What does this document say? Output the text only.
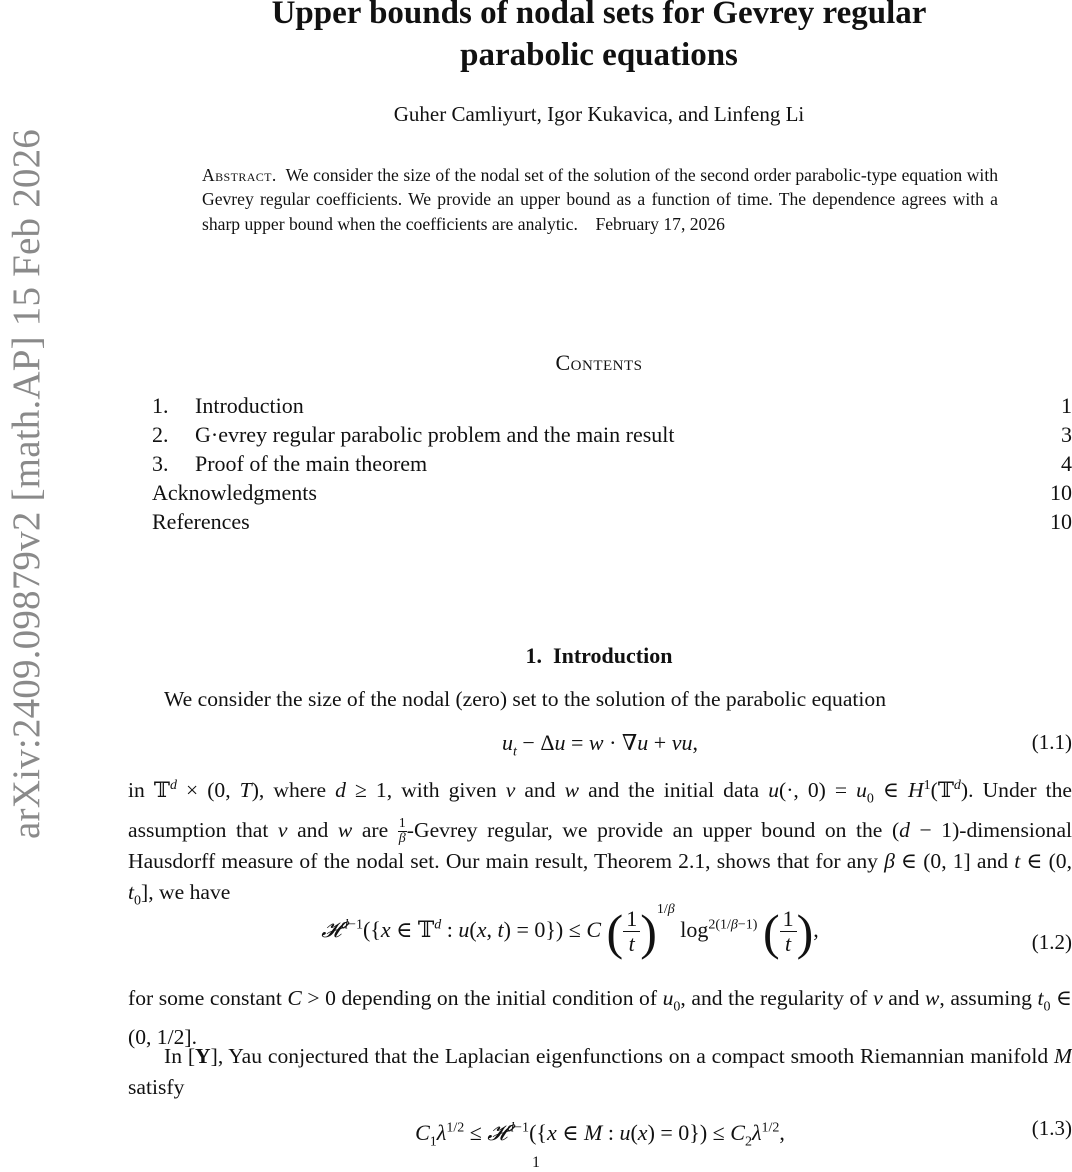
arXiv:2409.09879v2 [math.AP] 15 Feb 2026
Upper bounds of nodal sets for Gevrey regular
parabolic equations
Guher Camliyurt, Igor Kukavica, and Linfeng Li
Abstract. We consider the size of the nodal set of the solution of the second order parabolic-type equation with Gevrey regular coefficients. We provide an upper bound as a function of time. The dependence agrees with a sharp upper bound when the coefficients are analytic. February 17, 2026
Contents
1.	Introduction	1
2.	G·evrey regular parabolic problem and the main result	3
3.	Proof of the main theorem	4
Acknowledgments	10
References	10
1. Introduction
We consider the size of the nodal (zero) set to the solution of the parabolic equation
$u_t - \Delta u = w \cdot \nabla u$ + vu,	(1.1)
in 𝕋$^d$ × (0, T), where d ≥ 1, with given v and w and the initial data u(·, $0) = u_0$ ∈ $H^1(𝕋^d)$. Under the assumption that v and w are $\frac{1}{\beta}$ -Gevrey regular, we provide an upper bound on the (d − 1)-dimensional Hausdorff measure of the nodal set. Our main result, Theorem 2.1, shows that for any β ∈ (0, 1] and t ∈ (0, $t_0$], we have
𝓗$^{d-1}$({x ∈ 𝕋$^d$ : u(x, t) = 0}) ≤ C ( $\frac{1}{t} )^{1/\beta}$ $\log^{2(1/\beta-1)}$ ( $\frac{1}{t}$ ),	(1.2)
for some constant C > 0 depending on the initial condition of $u_0$, and the regularity of v and w, assuming $t_0$ ∈ (0, 1/2].
In [Y], Yau conjectured that the Laplacian eigenfunctions on a compact smooth Riemannian manifold M satisfy
$C_1\lambda^{1/2}$ ≤ 𝓗$^{d-1}$({x ∈ M : $u(x) = 0\}) \le C_2\lambda^{1/2}$,	(1.3)
1
